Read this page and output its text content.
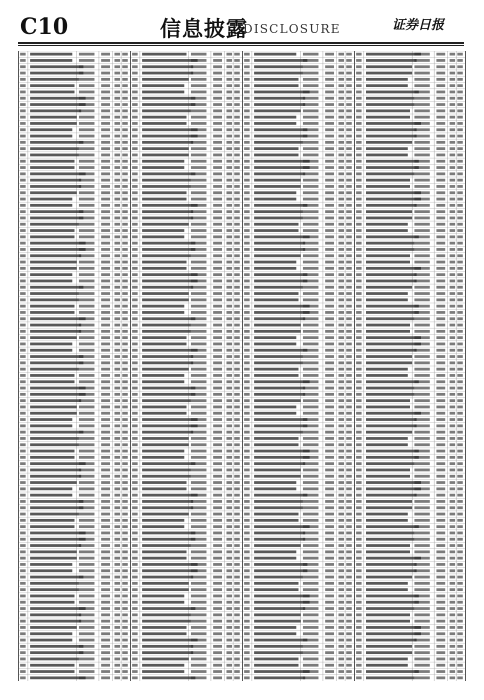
C10	信息披露
DISCLOSURE	证券日报
